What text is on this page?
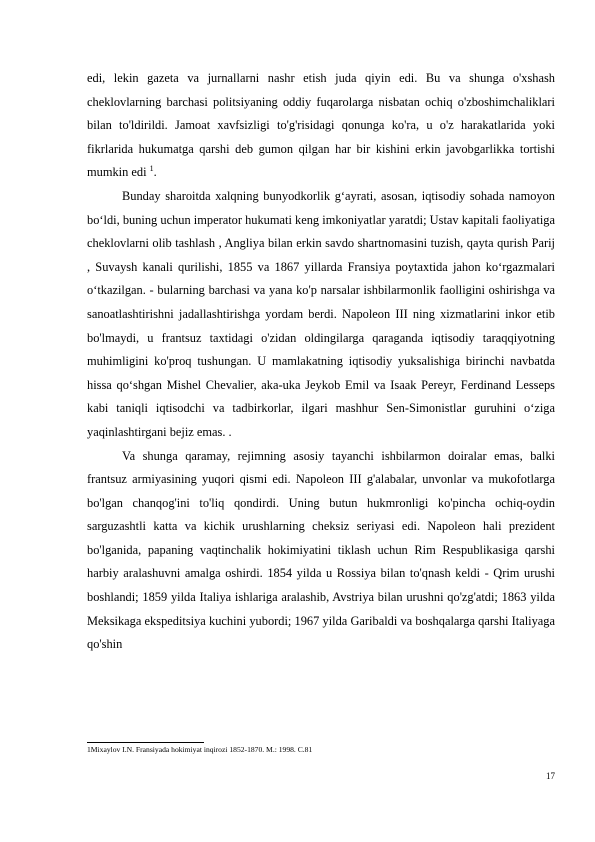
edi, lekin gazeta va jurnallarni nashr etish juda qiyin edi. Bu va shunga o'xshash cheklovlarning barchasi politsiyaning oddiy fuqarolarga nisbatan ochiq o'zboshimchaliklari bilan to'ldirildi. Jamoat xavfsizligi to'g'risidagi qonunga ko'ra, u o'z harakatlarida yoki fikrlarida hukumatga qarshi deb gumon qilgan har bir kishini erkin javobgarlikka tortishi mumkin edi $^1$.

Bunday sharoitda xalqning bunyodkorlik g‘ayrati, asosan, iqtisodiy sohada namoyon bo‘ldi, buning uchun imperator hukumati keng imkoniyatlar yaratdi; Ustav kapitali faoliyatiga cheklovlarni olib tashlash , Angliya bilan erkin savdo shartnomasini tuzish, qayta qurish Parij , Suvaysh kanali qurilishi, 1855 va 1867 yillarda Fransiya poytaxtida jahon ko‘rgazmalari o‘tkazilgan. - bularning barchasi va yana ko'p narsalar ishbilarmonlik faolligini oshirishga va sanoatlashtirishni jadallashtirishga yordam berdi. Napoleon III ning xizmatlarini inkor etib bo'lmaydi, u frantsuz taxtidagi o'zidan oldingilarga qaraganda iqtisodiy taraqqiyotning muhimligini ko'proq tushungan. U mamlakatning iqtisodiy yuksalishiga birinchi navbatda hissa qo‘shgan Mishel Chevalier, aka-uka Jeykob Emil va Isaak Pereyr, Ferdinand Lesseps kabi taniqli iqtisodchi va tadbirkorlar, ilgari mashhur Sen-Simonistlar guruhini o‘ziga yaqinlashtirgani bejiz emas. .

Va shunga qaramay, rejimning asosiy tayanchi ishbilarmon doiralar emas, balki frantsuz armiyasining yuqori qismi edi. Napoleon III g'alabalar, unvonlar va mukofotlarga bo'lgan chanqog'ini to'liq qondirdi. Uning butun hukmronligi ko'pincha ochiq-oydin sarguzashtli katta va kichik urushlarning cheksiz seriyasi edi. Napoleon hali prezident bo'lganida, papaning vaqtinchalik hokimiyatini tiklash uchun Rim Respublikasiga qarshi harbiy aralashuvni amalga oshirdi. 1854 yilda u Rossiya bilan to'qnash keldi - Qrim urushi boshlandi; 1859 yilda Italiya ishlariga aralashib, Avstriya bilan urushni qo'zg'atdi; 1863 yilda Meksikaga ekspeditsiya kuchini yubordi; 1967 yilda Garibaldi va boshqalarga qarshi Italiyaga qo'shin

1Mixaylov I.N. Fransiyada hokimiyat inqirozi 1852-1870. M.: 1998. C.81
17
